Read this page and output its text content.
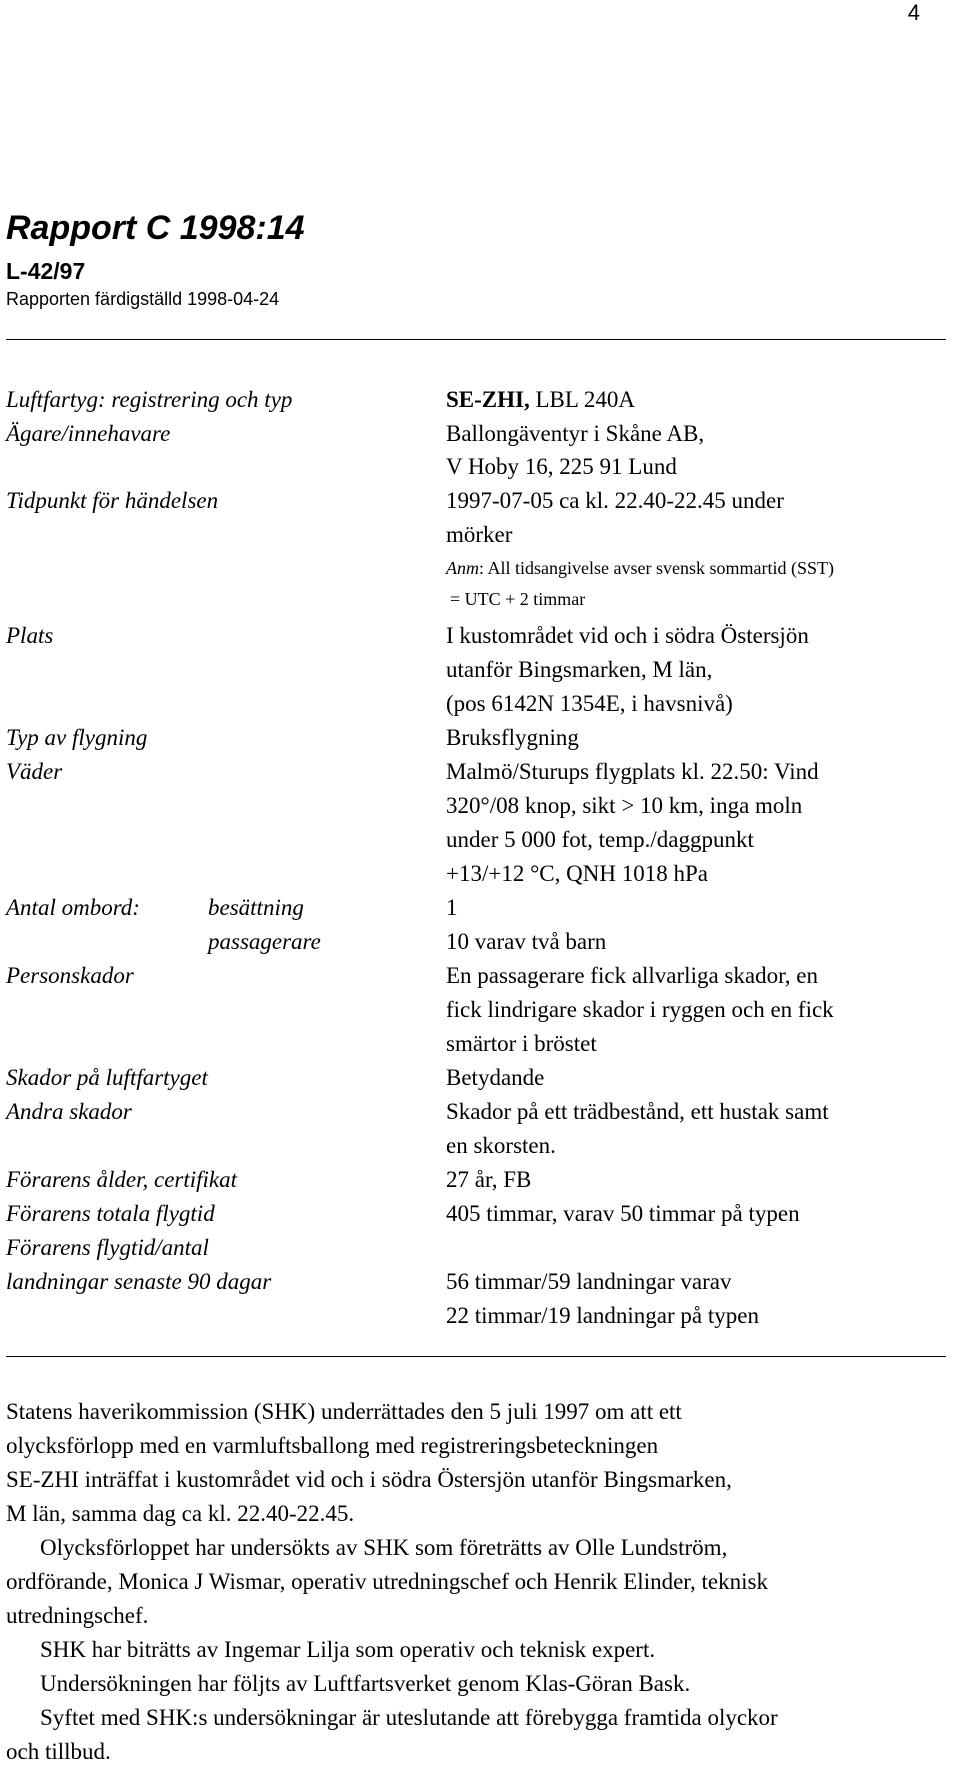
4
Rapport C 1998:14
L-42/97
Rapporten färdigställd 1998-04-24
Luftfartyg: registrering och typ	SE-ZHI, LBL 240A
Ägare/innehavare	Ballongäventyr i Skåne AB,
V Hoby 16, 225 91 Lund
Tidpunkt för händelsen	1997-07-05 ca kl. 22.40-22.45 under
mörker
Anm: All tidsangivelse avser svensk sommartid (SST)
= UTC + 2 timmar
Plats	I kustområdet vid och i södra Östersjön
utanför Bingsmarken, M län,
(pos 6142N 1354E, i havsnivå)
Typ av flygning	Bruksflygning
Väder	Malmö/Sturups flygplats kl. 22.50: Vind
320°/08 knop, sikt > 10 km, inga moln
under 5 000 fot, temp./daggpunkt
+13/+12 °C, QNH 1018 hPa
Antal ombord:	besättning	1
passagerare	10 varav två barn
Personskador	En passagerare fick allvarliga skador, en
fick lindrigare skador i ryggen och en fick
smärtor i bröstet
Skador på luftfartyget	Betydande
Andra skador	Skador på ett trädbestånd, ett hustak samt
en skorsten.
Förarens ålder, certifikat	27 år, FB
Förarens totala flygtid	405 timmar, varav 50 timmar på typen
Förarens flygtid/antal
landningar senaste 90 dagar	56 timmar/59 landningar varav
22 timmar/19 landningar på typen
Statens haverikommission (SHK) underrättades den 5 juli 1997 om att ett
olycksförlopp med en varmluftsballong med registreringsbeteckningen
SE-ZHI inträffat i kustområdet vid och i södra Östersjön utanför Bingsmarken,
M län, samma dag ca kl. 22.40-22.45.
Olycksförloppet har undersökts av SHK som företrätts av Olle Lundström,
ordförande, Monica J Wismar, operativ utredningschef och Henrik Elinder, teknisk
utredningschef.
SHK har biträtts av Ingemar Lilja som operativ och teknisk expert.
Undersökningen har följts av Luftfartsverket genom Klas-Göran Bask.
Syftet med SHK:s undersökningar är uteslutande att förebygga framtida olyckor
och tillbud.
